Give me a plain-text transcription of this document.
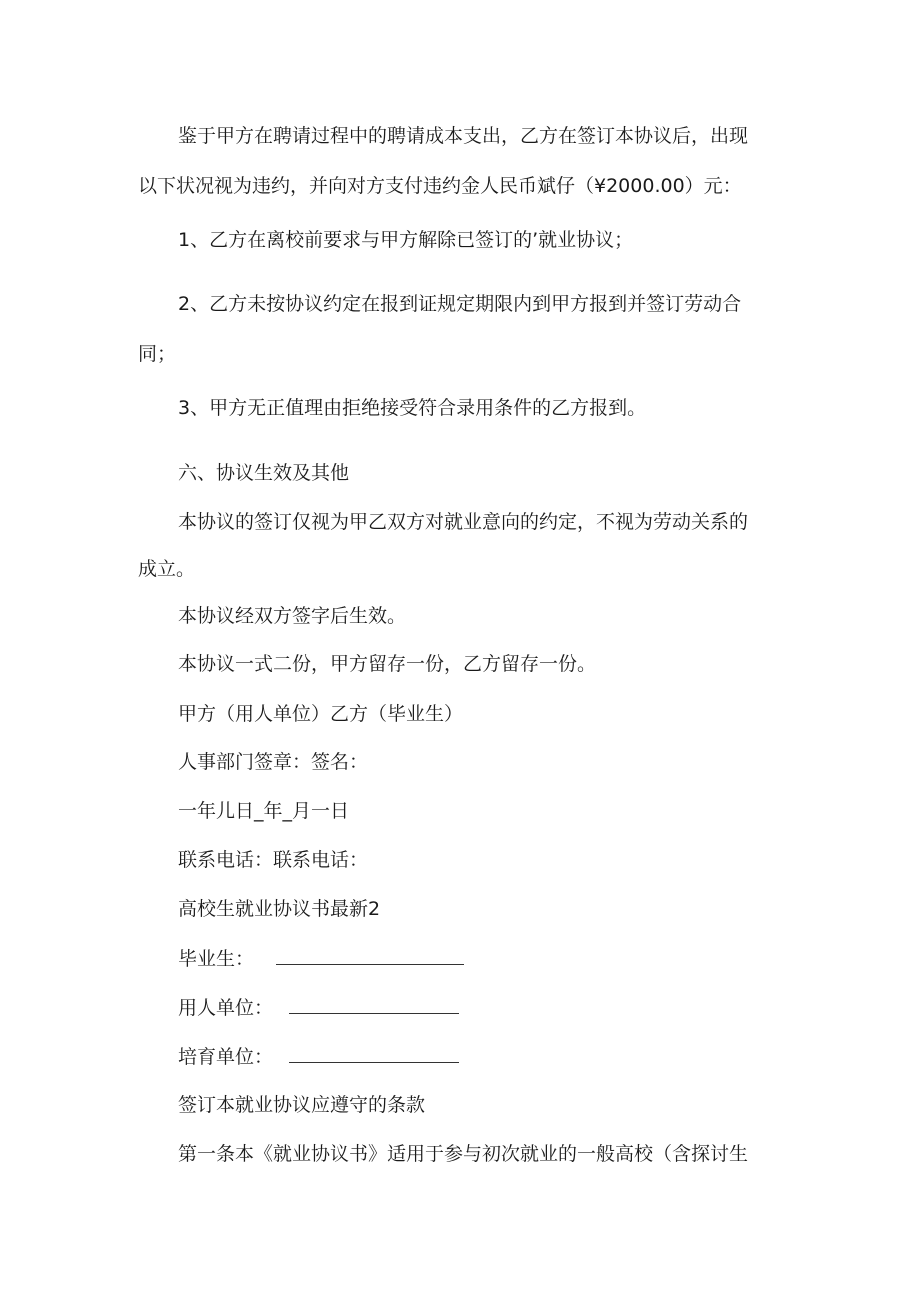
鉴于甲方在聘请过程中的聘请成本支出，乙方在签订本协议后，出现
以下状况视为违约，并向对方支付违约金人民币斌仔（¥2000.00）元：
1、乙方在离校前要求与甲方解除已签订的’就业协议；
2、乙方未按协议约定在报到证规定期限内到甲方报到并签订劳动合
同；
3、甲方无正值理由拒绝接受符合录用条件的乙方报到。
六、协议生效及其他
本协议的签订仅视为甲乙双方对就业意向的约定，不视为劳动关系的
成立。
本协议经双方签字后生效。
本协议一式二份，甲方留存一份，乙方留存一份。
甲方（用人单位）乙方（毕业生）
人事部门签章：签名：
一年儿日_年_月一日
联系电话：联系电话：
高校生就业协议书最新2
毕业生：
用人单位：
培育单位：
签订本就业协议应遵守的条款
第一条本《就业协议书》适用于参与初次就业的一般高校（含探讨生
